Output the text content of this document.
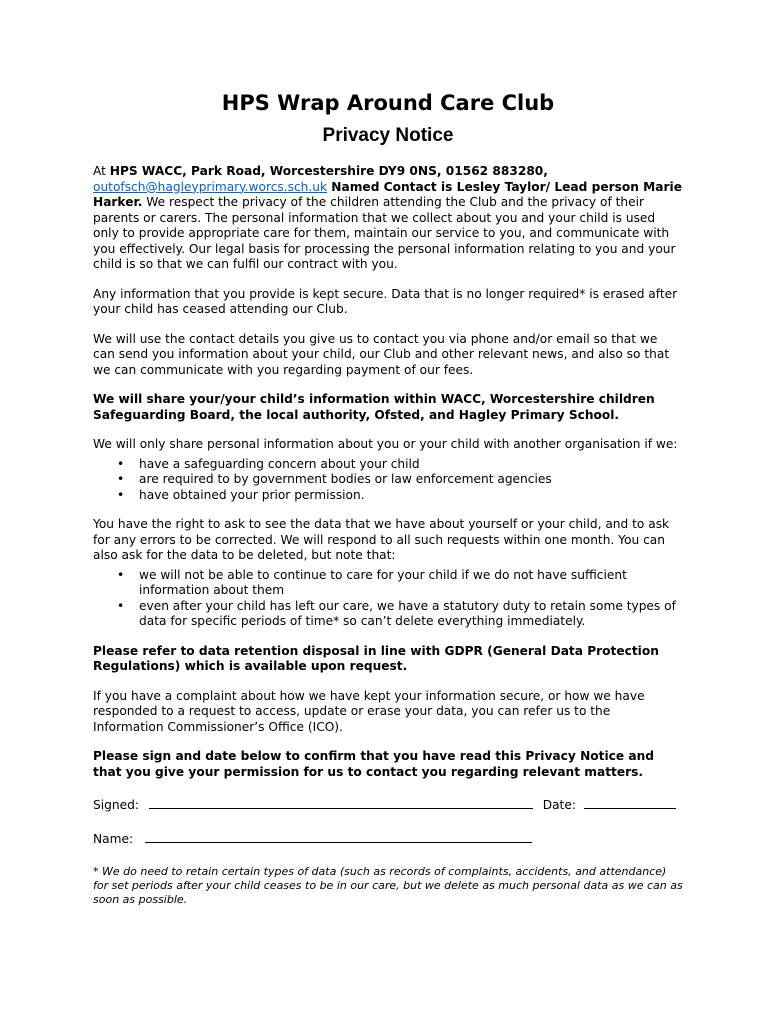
HPS Wrap Around Care Club
Privacy Notice

At HPS WACC, Park Road, Worcestershire DY9 0NS, 01562 883280, outofsch@hagleyprimary.worcs.sch.uk Named Contact is Lesley Taylor/ Lead person Marie Harker. We respect the privacy of the children attending the Club and the privacy of their parents or carers. The personal information that we collect about you and your child is used only to provide appropriate care for them, maintain our service to you, and communicate with you effectively. Our legal basis for processing the personal information relating to you and your child is so that we can fulfil our contract with you.

Any information that you provide is kept secure. Data that is no longer required* is erased after your child has ceased attending our Club.

We will use the contact details you give us to contact you via phone and/or email so that we can send you information about your child, our Club and other relevant news, and also so that we can communicate with you regarding payment of our fees.

We will share your/your child’s information within WACC, Worcestershire children Safeguarding Board, the local authority, Ofsted, and Hagley Primary School.

We will only share personal information about you or your child with another organisation if we:

• have a safeguarding concern about your child
• are required to by government bodies or law enforcement agencies
• have obtained your prior permission.

You have the right to ask to see the data that we have about yourself or your child, and to ask for any errors to be corrected. We will respond to all such requests within one month. You can also ask for the data to be deleted, but note that:

• we will not be able to continue to care for your child if we do not have sufficient information about them
• even after your child has left our care, we have a statutory duty to retain some types of data for specific periods of time* so can’t delete everything immediately.

Please refer to data retention disposal in line with GDPR (General Data Protection Regulations) which is available upon request.

If you have a complaint about how we have kept your information secure, or how we have responded to a request to access, update or erase your data, you can refer us to the Information Commissioner’s Office (ICO).

Please sign and date below to confirm that you have read this Privacy Notice and that you give your permission for us to contact you regarding relevant matters.

Signed:	Date:
Name:

* We do need to retain certain types of data (such as records of complaints, accidents, and attendance) for set periods after your child ceases to be in our care, but we delete as much personal data as we can as soon as possible.
